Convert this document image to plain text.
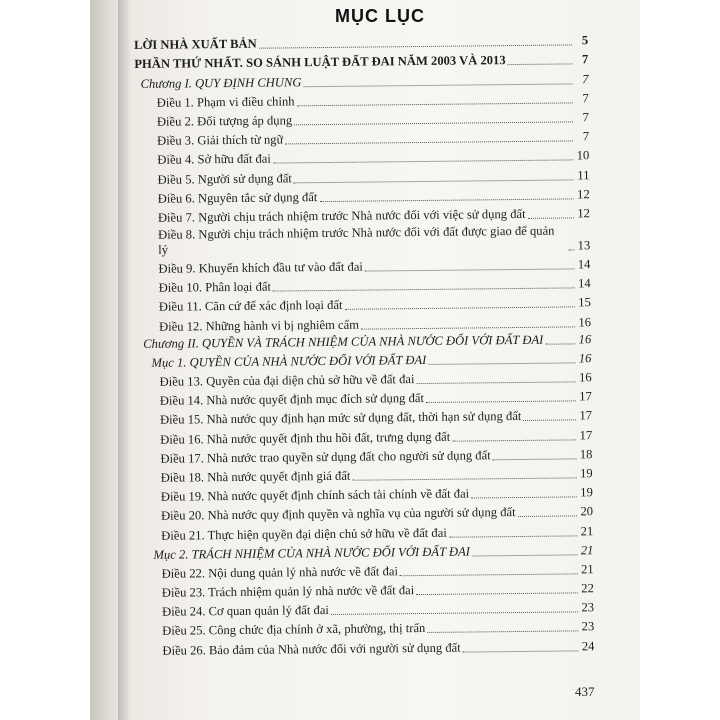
MỤC LỤC
LỜI NHÀ XUẤT BẢN	5
PHẦN THỨ NHẤT. SO SÁNH LUẬT ĐẤT ĐAI NĂM 2003 VÀ 2013	7
Chương I. QUY ĐỊNH CHUNG	7
Điều 1. Phạm vi điều chỉnh	7
Điều 2. Đối tượng áp dụng	7
Điều 3. Giải thích từ ngữ	7
Điều 4. Sở hữu đất đai	10
Điều 5. Người sử dụng đất	11
Điều 6. Nguyên tắc sử dụng đất	12
Điều 7. Người chịu trách nhiệm trước Nhà nước đối với việc sử dụng đất	12
Điều 8. Người chịu trách nhiệm trước Nhà nước đối với đất được giao để quản lý	13
Điều 9. Khuyến khích đầu tư vào đất đai	14
Điều 10. Phân loại đất	14
Điều 11. Căn cứ để xác định loại đất	15
Điều 12. Những hành vi bị nghiêm cấm	16
Chương II. QUYỀN VÀ TRÁCH NHIỆM CỦA NHÀ NƯỚC ĐỐI VỚI ĐẤT ĐAI	16
Mục 1. QUYỀN CỦA NHÀ NƯỚC ĐỐI VỚI ĐẤT ĐAI	16
Điều 13. Quyền của đại diện chủ sở hữu về đất đai	16
Điều 14. Nhà nước quyết định mục đích sử dụng đất	17
Điều 15. Nhà nước quy định hạn mức sử dụng đất, thời hạn sử dụng đất	17
Điều 16. Nhà nước quyết định thu hồi đất, trưng dụng đất	17
Điều 17. Nhà nước trao quyền sử dụng đất cho người sử dụng đất	18
Điều 18. Nhà nước quyết định giá đất	19
Điều 19. Nhà nước quyết định chính sách tài chính về đất đai	19
Điều 20. Nhà nước quy định quyền và nghĩa vụ của người sử dụng đất	20
Điều 21. Thực hiện quyền đại diện chủ sở hữu về đất đai	21
Mục 2. TRÁCH NHIỆM CỦA NHÀ NƯỚC ĐỐI VỚI ĐẤT ĐAI	21
Điều 22. Nội dung quản lý nhà nước về đất đai	21
Điều 23. Trách nhiệm quản lý nhà nước về đất đai	22
Điều 24. Cơ quan quản lý đất đai	23
Điều 25. Công chức địa chính ở xã, phường, thị trấn	23
Điều 26. Bảo đảm của Nhà nước đối với người sử dụng đất	24
437
